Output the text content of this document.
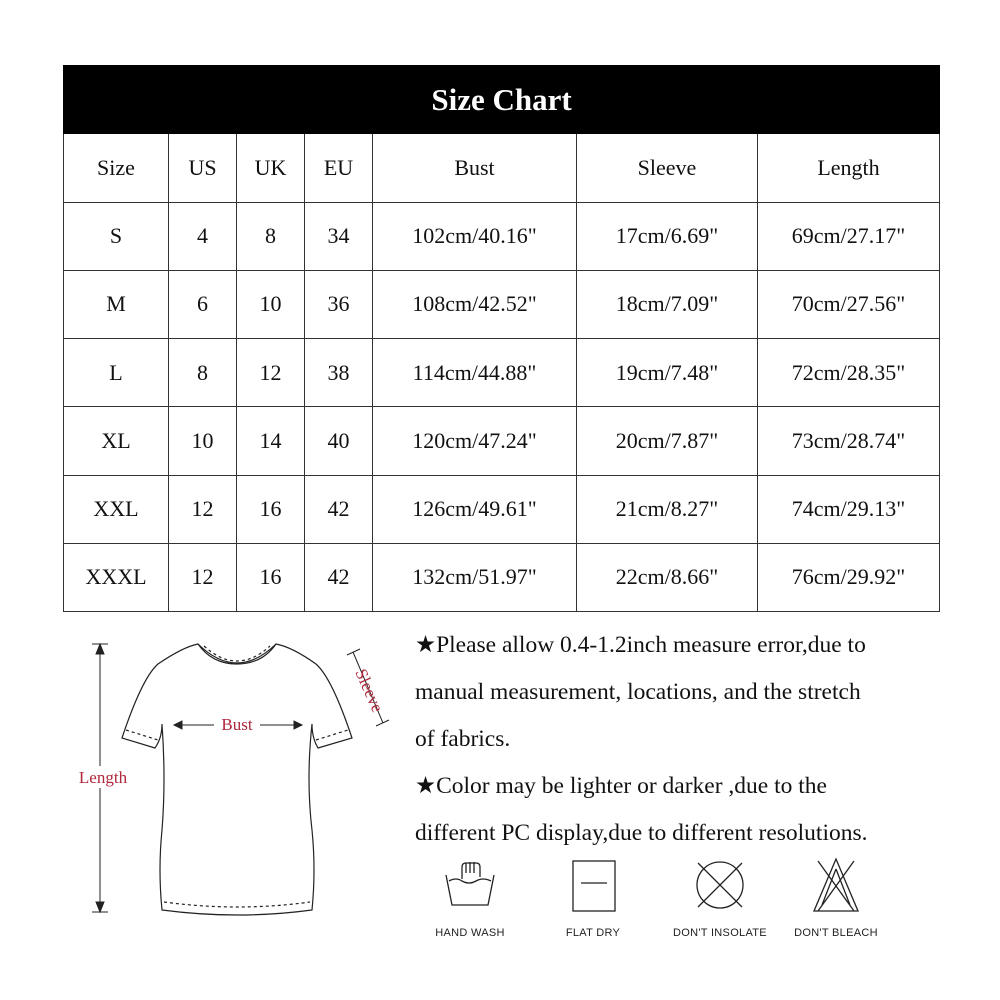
Size Chart						
Size	US	UK	EU	Bust	Sleeve	Length
S	4	8	34	102cm/40.16"	17cm/6.69"	69cm/27.17"
M	6	10	36	108cm/42.52"	18cm/7.09"	70cm/27.56"
L	8	12	38	114cm/44.88"	19cm/7.48"	72cm/28.35"
XL	10	14	40	120cm/47.24"	20cm/7.87"	73cm/28.74"
XXL	12	16	42	126cm/49.61"	21cm/8.27"	74cm/29.13"
XXXL	12	16	42	132cm/51.97"	22cm/8.66"	76cm/29.92"
Length
Bust
Sleeve

★Please allow 0.4-1.2inch measure error,due to

manual measurement, locations, and the stretch

of fabrics.

★Color may be lighter or darker ,due to the

different PC display,due to different resolutions.

HAND WASH	FLAT DRY	DON'T INSOLATE	DON'T BLEACH
